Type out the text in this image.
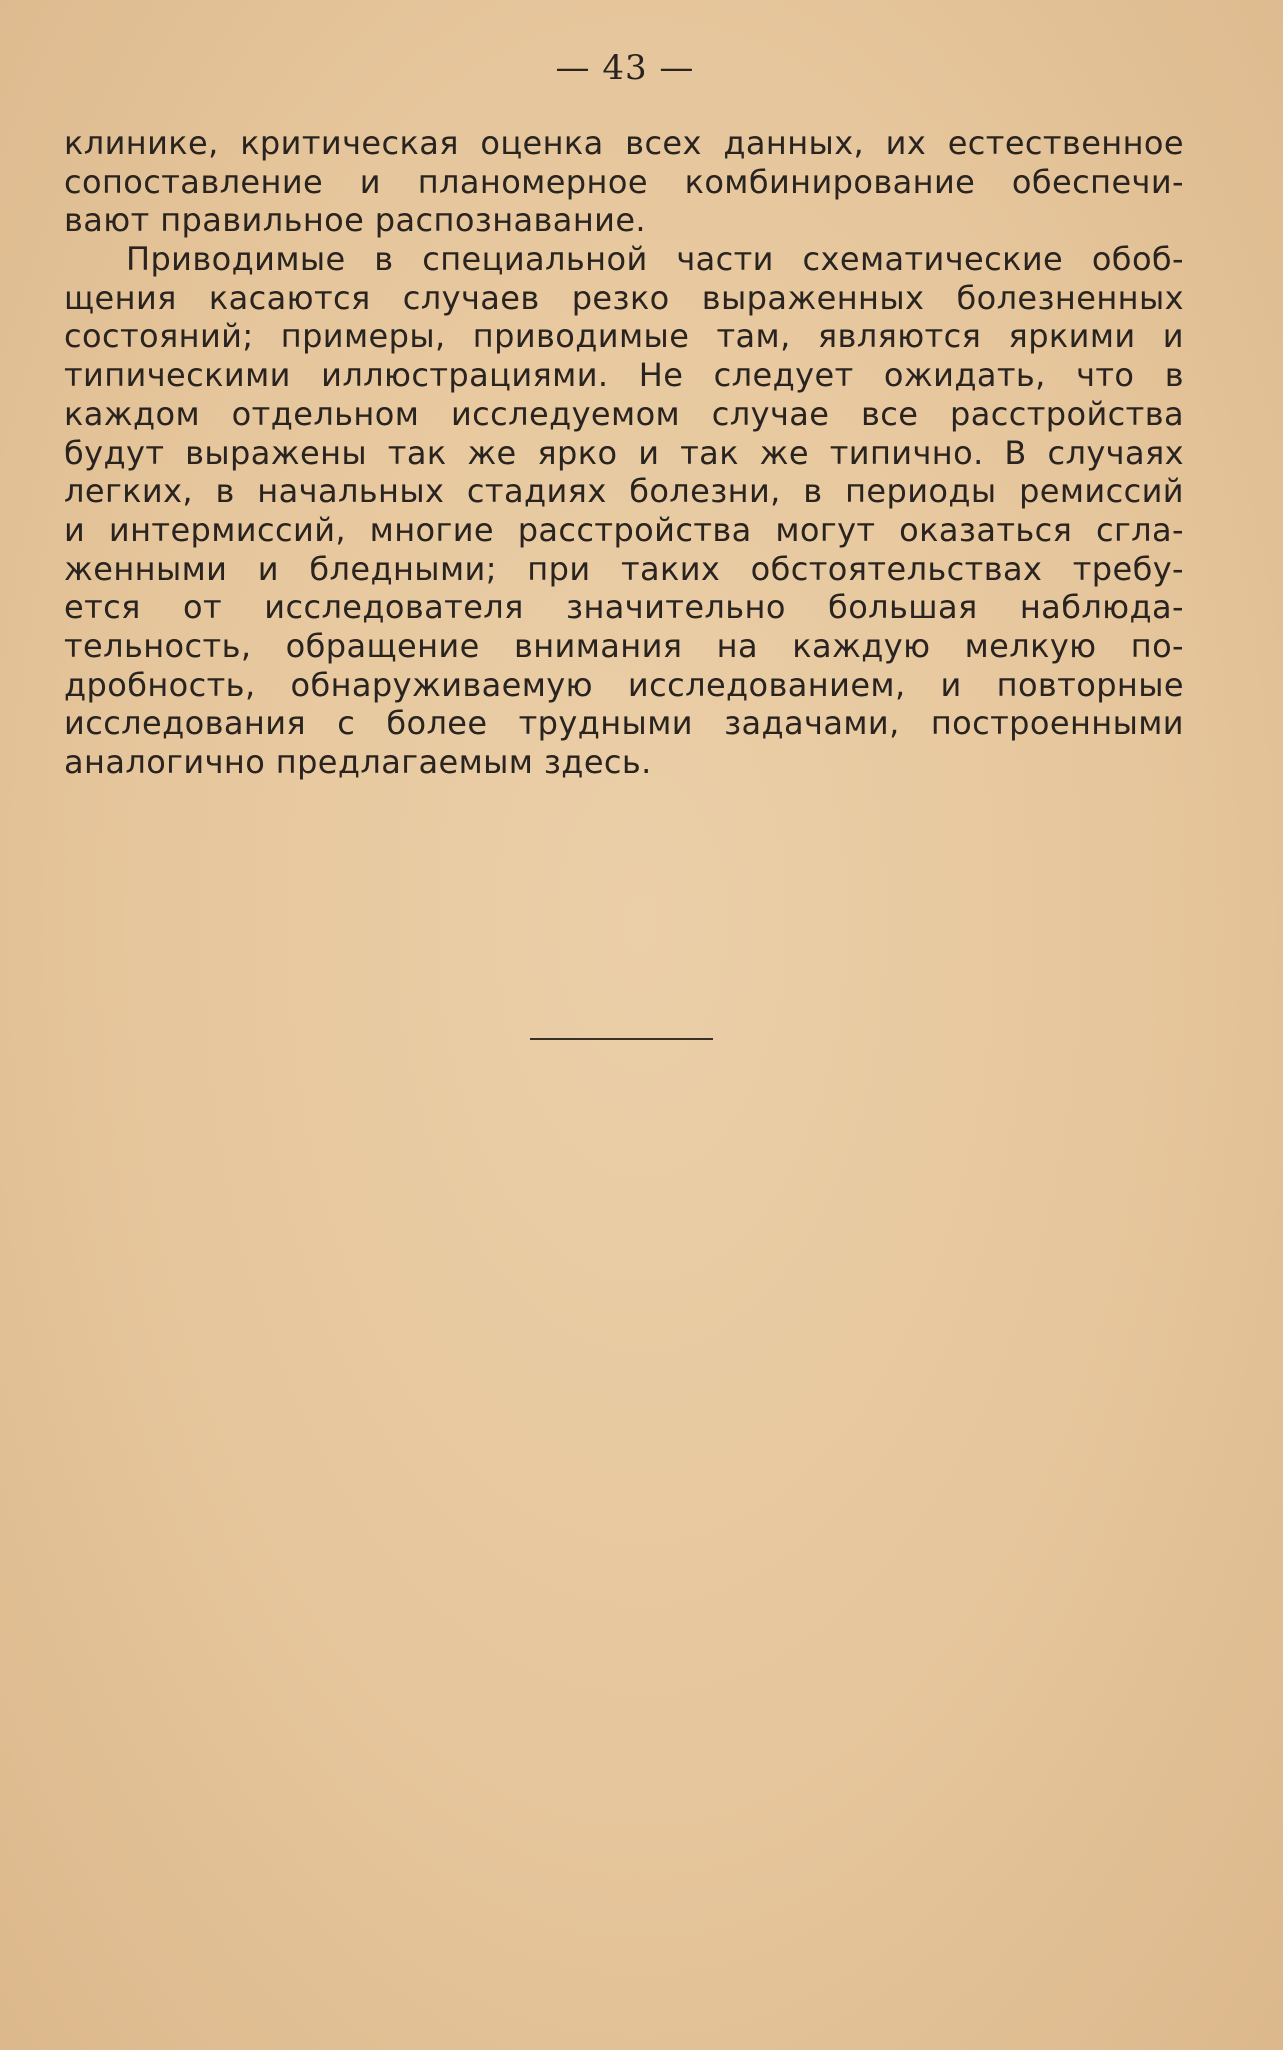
— 43 —
клинике, критическая оценка всех данных, их естественное
сопоставление и планомерное комбинирование обеспечи-
вают правильное распознавание.
Приводимые в специальной части схематические обоб-
щения касаются случаев резко выраженных болезненных
состояний; примеры, приводимые там, являются яркими и
типическими иллюстрациями. Не следует ожидать, что в
каждом отдельном исследуемом случае все расстройства
будут выражены так же ярко и так же типично. В случаях
легких, в начальных стадиях болезни, в периоды ремиссий
и интермиссий, многие расстройства могут оказаться сгла-
женными и бледными; при таких обстоятельствах требу-
ется от исследователя значительно большая наблюда-
тельность, обращение внимания на каждую мелкую по-
дробность, обнаруживаемую исследованием, и повторные
исследования с более трудными задачами, построенными
аналогично предлагаемым здесь.
